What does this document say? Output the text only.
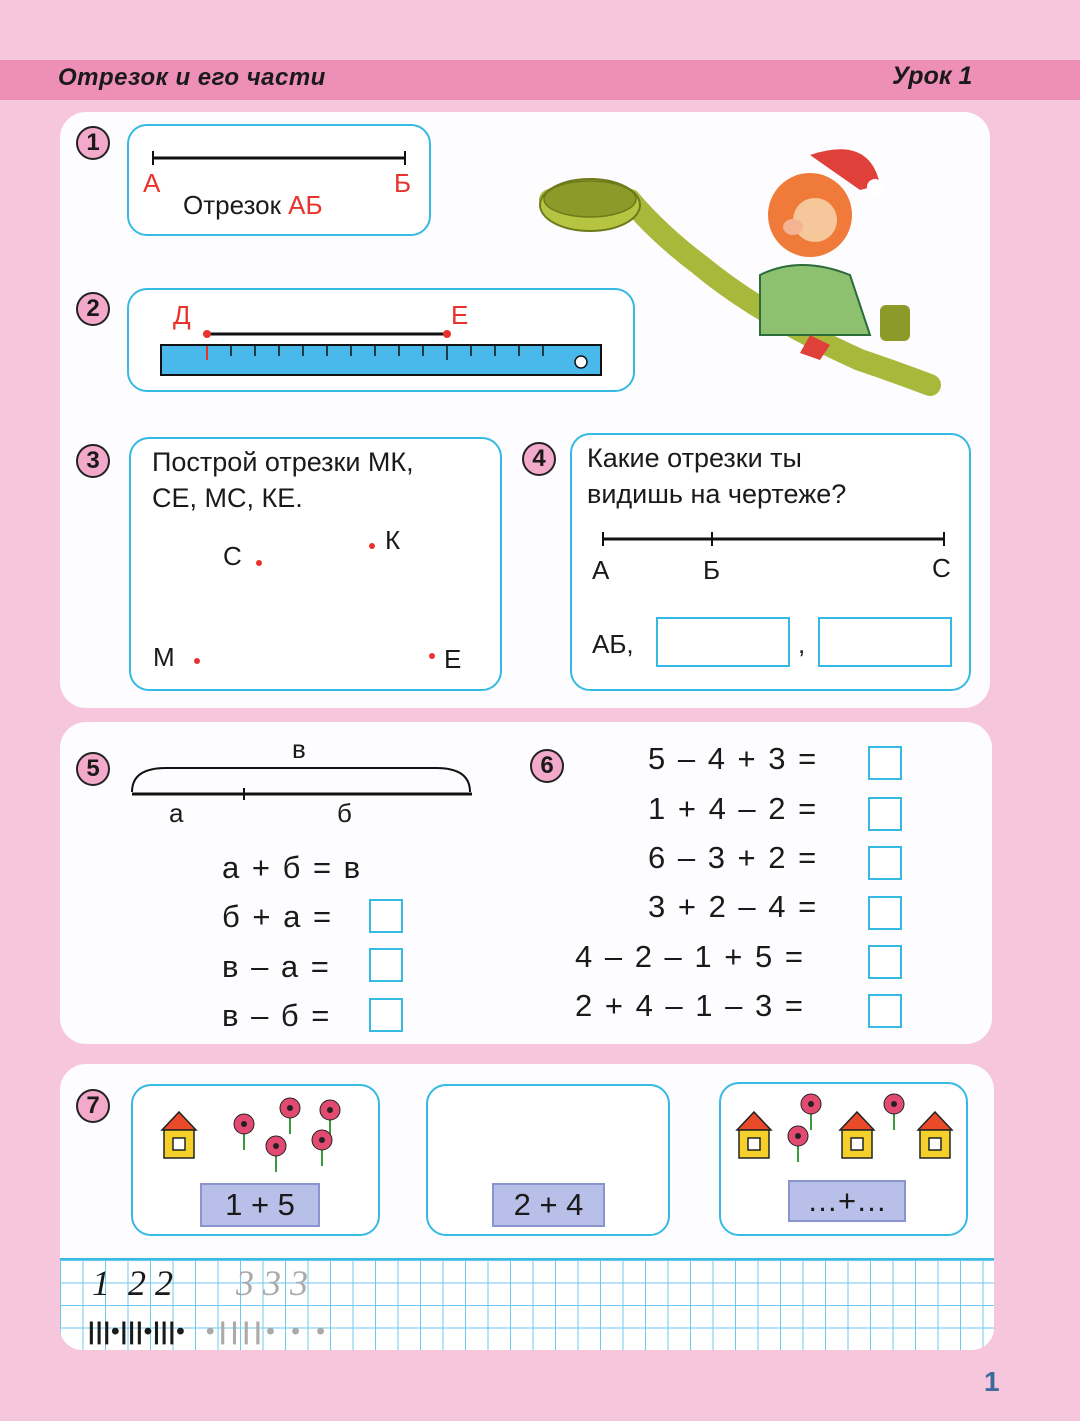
Отрезок и его части	Урок 1
1
А	Б
Отрезок АБ
2	Д	Е
3	Построй отрезки МК,
СЕ, МС, КЕ.
С
К
М	Е
4	Какие отрезки ты
видишь на чертеже?
А	Б	С
АБ,	,
5
в
а	б
а + б = в
б + а =
в – а =
в – б =
6	5 – 4 + 3 =
1 + 4 – 2 =
6 – 3 + 2 =
3 + 2 – 4 =
4 – 2 – 1 + 5 =
2 + 4 – 1 – 3 =
7
1 + 5	2 + 4	…+…
1  2 2 3 3 3
|||•|||•|||• •||||• • •
1
